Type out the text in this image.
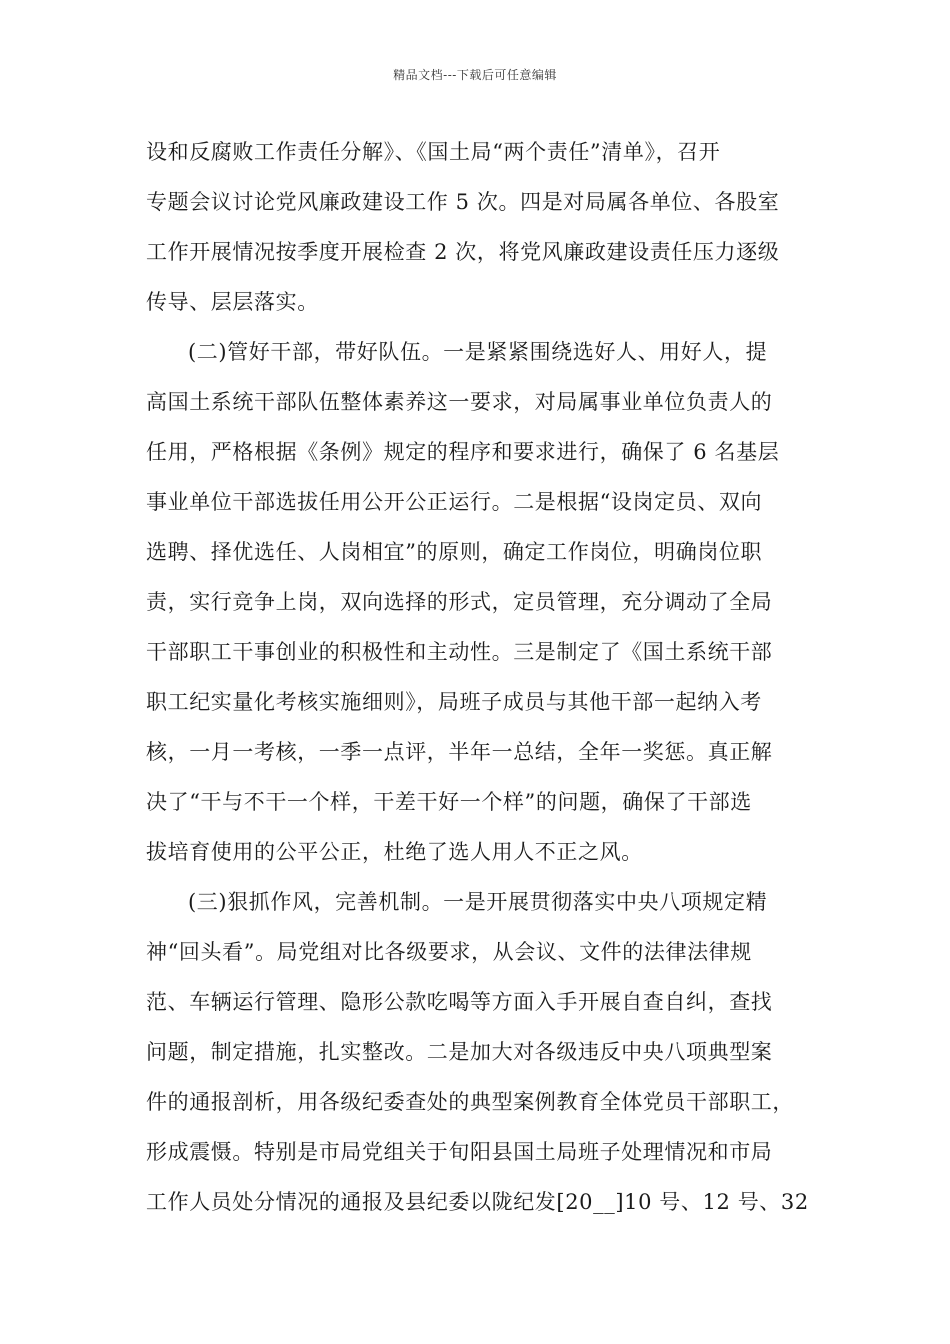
精品文档---下载后可任意编辑
设和反腐败工作责任分解》、《国土局“两个责任”清单》，召开
专题会议讨论党风廉政建设工作 5 次。四是对局属各单位、各股室
工作开展情况按季度开展检查 2 次，将党风廉政建设责任压力逐级
传导、层层落实。
(二)管好干部，带好队伍。一是紧紧围绕选好人、用好人，提
高国土系统干部队伍整体素养这一要求，对局属事业单位负责人的
任用，严格根据《条例》规定的程序和要求进行，确保了 6 名基层
事业单位干部选拔任用公开公正运行。二是根据“设岗定员、双向
选聘、择优选任、人岗相宜”的原则，确定工作岗位，明确岗位职
责，实行竞争上岗，双向选择的形式，定员管理，充分调动了全局
干部职工干事创业的积极性和主动性。三是制定了《国土系统干部
职工纪实量化考核实施细则》，局班子成员与其他干部一起纳入考
核，一月一考核，一季一点评，半年一总结，全年一奖惩。真正解
决了“干与不干一个样，干差干好一个样”的问题，确保了干部选
拔培育使用的公平公正，杜绝了选人用人不正之风。
(三)狠抓作风，完善机制。一是开展贯彻落实中央八项规定精
神“回头看”。局党组对比各级要求，从会议、文件的法律法律规
范、车辆运行管理、隐形公款吃喝等方面入手开展自查自纠，查找
问题，制定措施，扎实整改。二是加大对各级违反中央八项典型案
件的通报剖析，用各级纪委查处的典型案例教育全体党员干部职工，
形成震慑。特别是市局党组关于旬阳县国土局班子处理情况和市局
工作人员处分情况的通报及县纪委以陇纪发[20__]10 号、12 号、32
